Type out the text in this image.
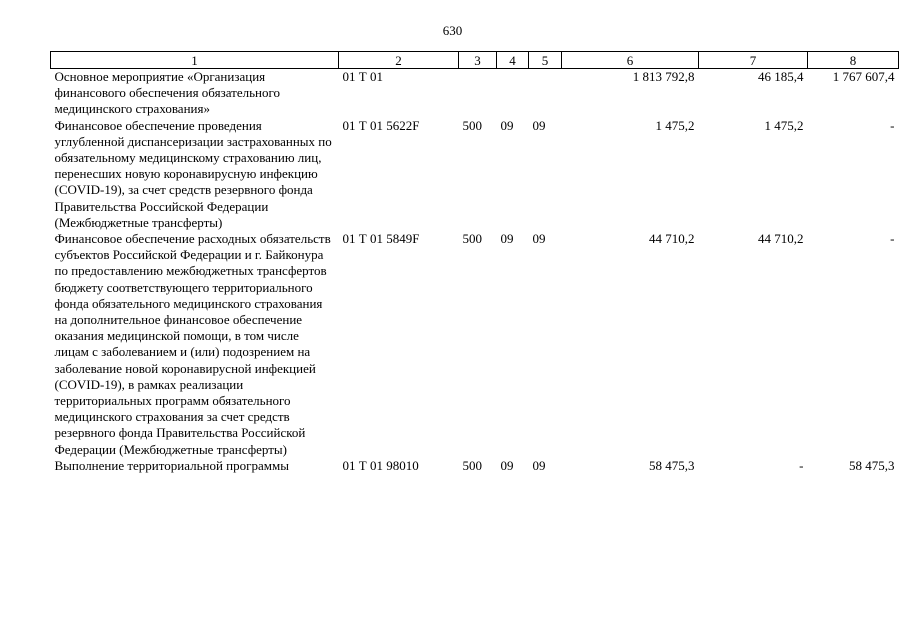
630
1	2	3	4	5	6	7	8
Основное мероприятие «Организация финансового обеспечения обязательного медицинского страхования»	01 Т 01				1 813 792,8	46 185,4	1 767 607,4
Финансовое обеспечение проведения углубленной диспансеризации застрахованных по обязательному медицинскому страхованию лиц, перенесших новую коронавирусную инфекцию (COVID-19), за счет средств резервного фонда Правительства Российской Федерации (Межбюджетные трансферты)	01 Т 01 5622F	500	09	09	1 475,2	1 475,2	-
Финансовое обеспечение расходных обязательств субъектов Российской Федерации и г. Байконура по предоставлению межбюджетных трансфертов бюджету соответствующего территориального фонда обязательного медицинского страхования на дополнительное финансовое обеспечение оказания медицинской помощи, в том числе лицам с заболеванием и (или) подозрением на заболевание новой коронавирусной инфекцией (COVID-19), в рамках реализации территориальных программ обязательного медицинского страхования за счет средств резервного фонда Правительства Российской Федерации (Межбюджетные трансферты)	01 Т 01 5849F	500	09	09	44 710,2	44 710,2	-
Выполнение территориальной программы	01 Т 01 98010	500	09	09	58 475,3	-	58 475,3
